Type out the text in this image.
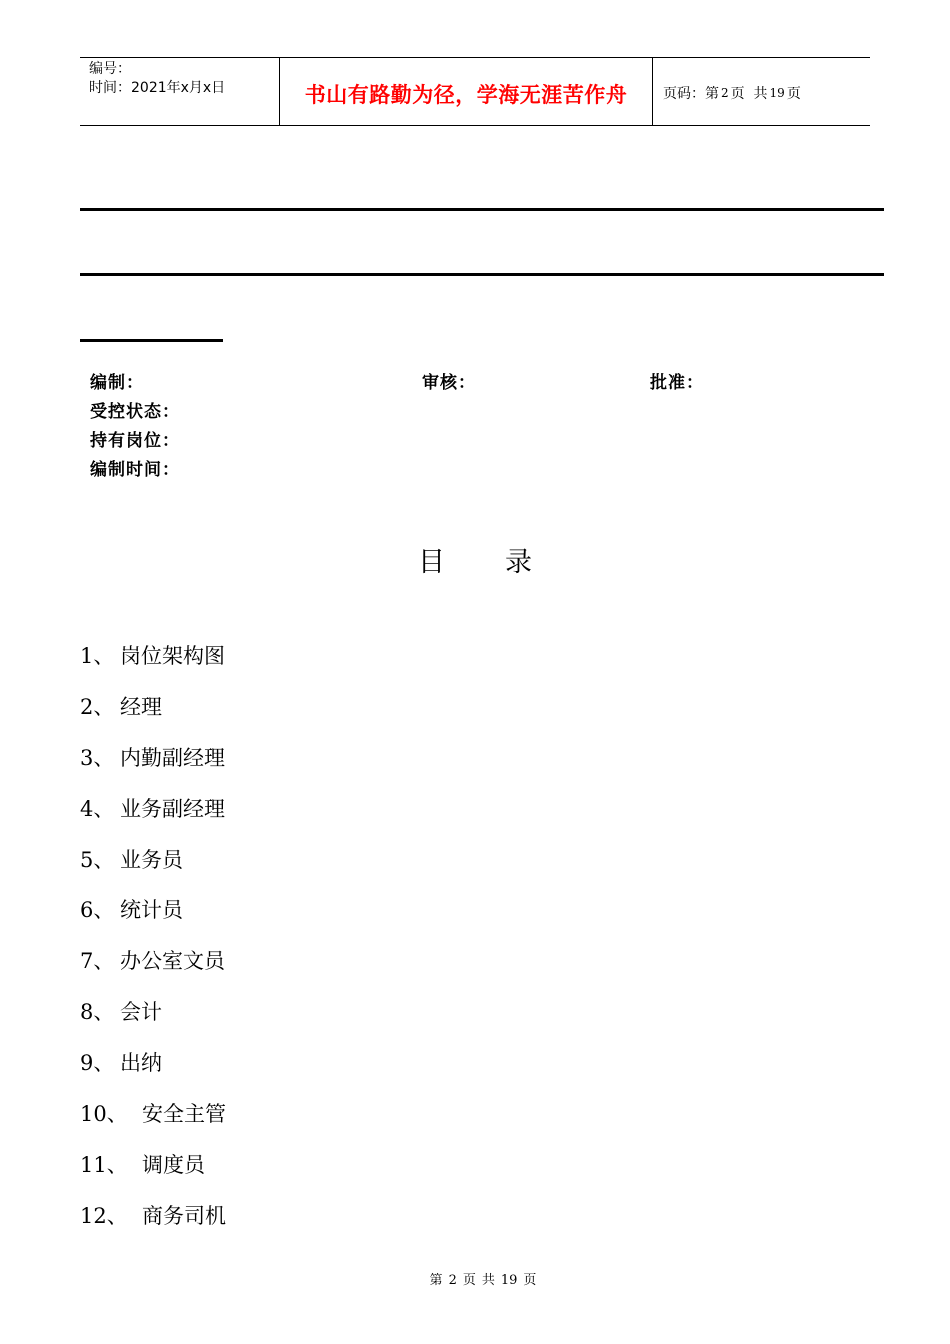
编号：
时间：2021年x月x日	书山有路勤为径，学海无涯苦作舟	页码：第 2 页  共 19 页
编制：	审核：	批准：
受控状态：
持有岗位：
编制时间：
目 录
1、 岗位架构图
2、 经理
3、 内勤副经理
4、 业务副经理
5、 业务员
6、 统计员
7、 办公室文员
8、 会计
9、 出纳
10、 安全主管
11、 调度员
12、 商务司机
第 2 页 共 19 页
